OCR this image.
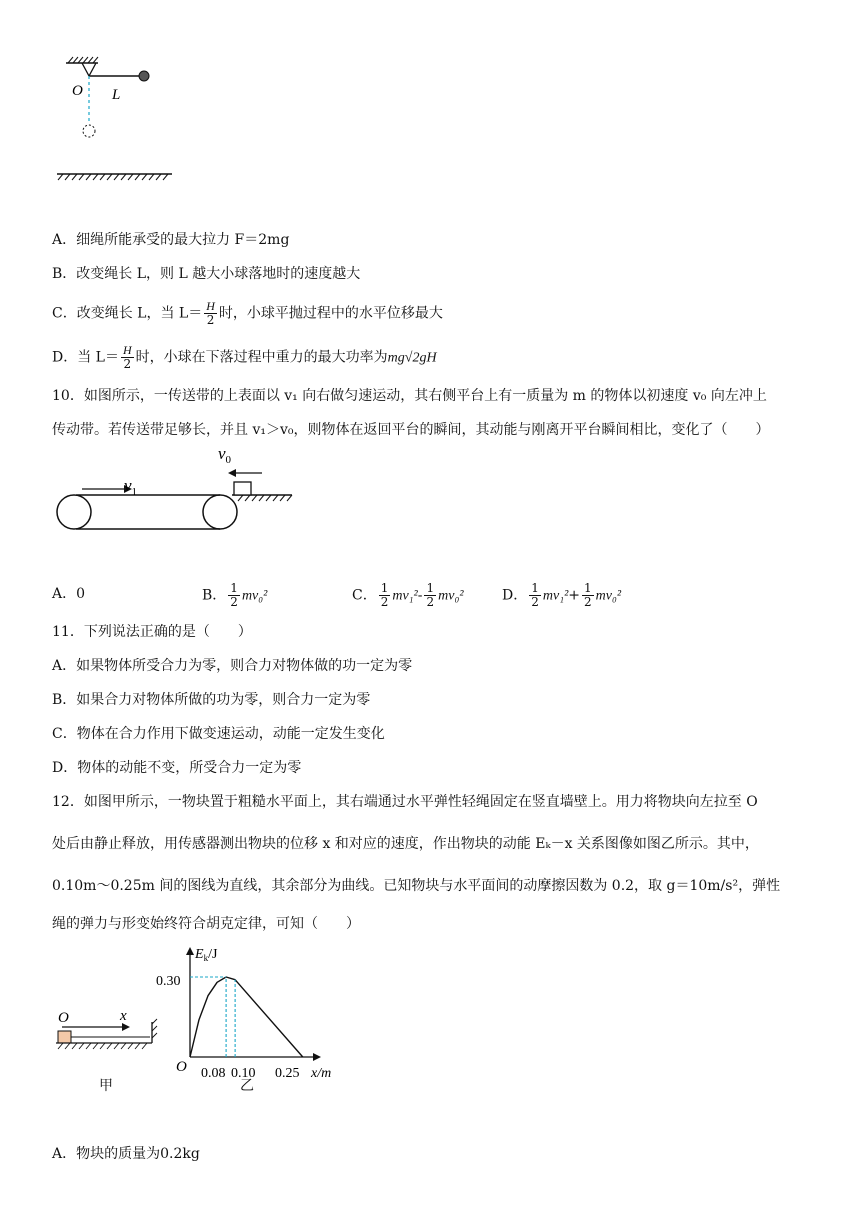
O L
A．细绳所能承受的最大拉力 F＝2mg
B．改变绳长 L，则 L 越大小球落地时的速度越大
C．改变绳长 L，当 $L= \frac{H}{2}$ 时，小球平抛过程中的水平位移最大
D．当 $L= \frac{H}{2}$ 时，小球在下落过程中重力的最大功率为mg√2gH
10．如图所示，一传送带的上表面以 v₁ 向右做匀速运动，其右侧平台上有一质量为 m 的物体以初速度 v₀ 向左冲上
传动带。若传送带足够长，并且 v₁＞v₀，则物体在返回平台的瞬间，其动能与刚离开平台瞬间相比，变化了（　　）
$v_1$
$v_0$
A．0	B． $\frac{1}{2} mv_0^2$	C． $\frac{1}{2} mv_1^2- \frac{1}{2} mv_0^2$	D． $\frac{1}{2} mv_1^2+ \frac{1}{2} mv_0^2$
11．下列说法正确的是（　　）
A．如果物体所受合力为零，则合力对物体做的功一定为零
B．如果合力对物体所做的功为零，则合力一定为零
C．物体在合力作用下做变速运动，动能一定发生变化
D．物体的动能不变，所受合力一定为零
12．如图甲所示，一物块置于粗糙水平面上，其右端通过水平弹性轻绳固定在竖直墙壁上。用力将物块向左拉至 O
处后由静止释放，用传感器测出物块的位移 x 和对应的速度，作出物块的动能 Eₖ－x 关系图像如图乙所示。其中，
0.10m～0.25m 间的图线为直线，其余部分为曲线。已知物块与水平面间的动摩擦因数为 0.2，取 g＝10m/s²，弹性
绳的弹力与形变始终符合胡克定律，可知（　　）
O	x
甲
$E_k/J$
0.30
O 0.08 0.10 0.25 x/m
乙
A．物块的质量为0.2kg
